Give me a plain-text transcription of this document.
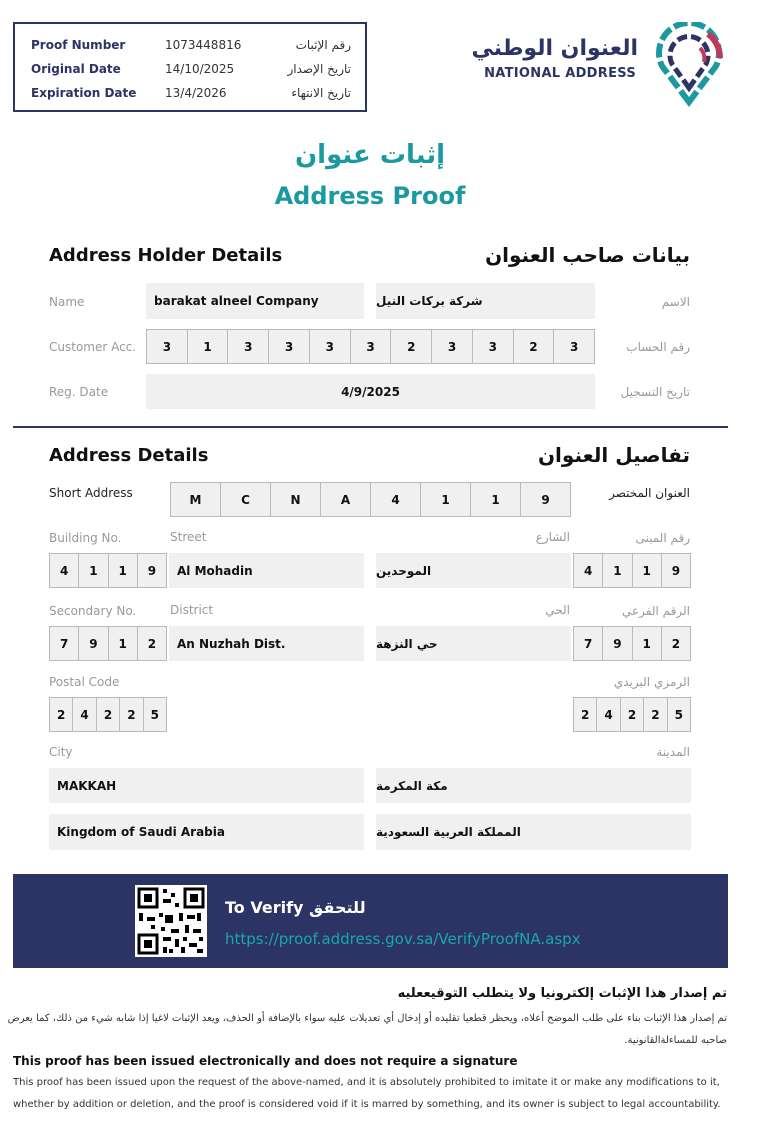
Proof Number	1073448816	رقم الإثبات
Original Date	14/10/2025	تاريخ الإصدار
Expiration Date 13/4/2026	تاريخ الانتهاء
العنوان الوطني
NATIONAL ADDRESS
إثبات عنوان
Address Proof
Address Holder Details	بيانات صاحب العنوان
Name	barakat alneel Company	شركة بركات النيل	الاسم
Customer Acc.	3	1	3	3	3	3	2	3	3	2	3	رقم الحساب
Reg. Date	4/9/2025	تاريخ التسجيل
Address Details	تفاصيل العنوان
Short Address	M	C	N	A	4	1	1	9	العنوان المختصر
Building No.	Street	الشارع	رقم المبنى
4	1	1	9	Al Mohadin	الموحدين	4	1	1	9
Secondary No.	District	الحي	الرقم الفرعي
7	9	1	2	An Nuzhah Dist.	حي النزهة	7	9	1	2
Postal Code	الرمزي البريدي
2	4	2	2	5	2	4	2	2	5
City	المدينة
MAKKAH	مكة المكرمة
Kingdom of Saudi Arabia	المملكة العربية السعودية
To Verify للتحقق
https://proof.address.gov.sa/VerifyProofNA.aspx
تم إصدار هذا الإثبات إلكترونيا ولا يتطلب التوقيععليه
تم إصدار هذا الإثبات بناء على طلب الموضح أعلاه، ويحظر قطعيا تقليده أو إدخال أي تعديلات عليه سواء بالإضافة أو الحذف، ويعد الإثبات لاغيا إذا شابه شيء من ذلك، كما يعرض صاحبه للمساءلةالقانونية.
This proof has been issued electronically and does not require a signature
This proof has been issued upon the request of the above-named, and it is absolutely prohibited to imitate it or make any modifications to it, whether by addition or deletion, and the proof is considered void if it is marred by something, and its owner is subject to legal accountability.
